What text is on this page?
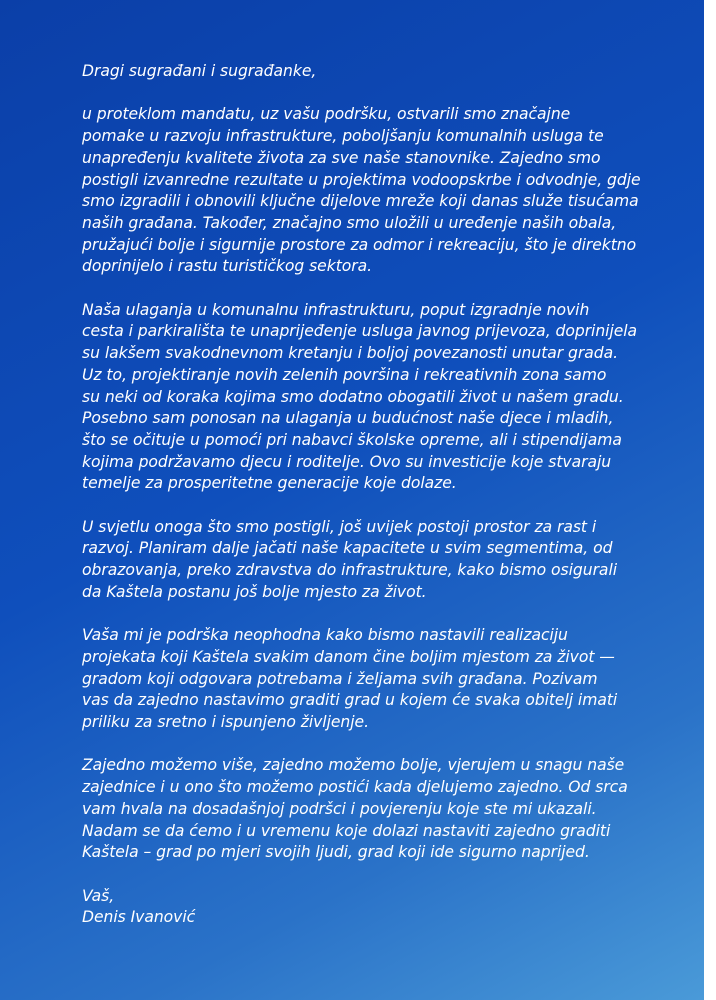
Dragi sugrađani i sugrađanke,

u proteklom mandatu, uz vašu podršku, ostvarili smo značajne
pomake u razvoju infrastrukture, poboljšanju komunalnih usluga te
unapređenju kvalitete života za sve naše stanovnike. Zajedno smo
postigli izvanredne rezultate u projektima vodoopskrbe i odvodnje, gdje
smo izgradili i obnovili ključne dijelove mreže koji danas služe tisućama
naših građana. Također, značajno smo uložili u uređenje naših obala,
pružajući bolje i sigurnije prostore za odmor i rekreaciju, što je direktno
doprinijelo i rastu turističkog sektora.

Naša ulaganja u komunalnu infrastrukturu, poput izgradnje novih
cesta i parkirališta te unaprijeđenje usluga javnog prijevoza, doprinijela
su lakšem svakodnevnom kretanju i boljoj povezanosti unutar grada.
Uz to, projektiranje novih zelenih površina i rekreativnih zona samo
su neki od koraka kojima smo dodatno obogatili život u našem gradu.
Posebno sam ponosan na ulaganja u budućnost naše djece i mladih,
što se očituje u pomoći pri nabavci školske opreme, ali i stipendijama
kojima podržavamo djecu i roditelje. Ovo su investicije koje stvaraju
temelje za prosperitetne generacije koje dolaze.

U svjetlu onoga što smo postigli, još uvijek postoji prostor za rast i
razvoj. Planiram dalje jačati naše kapacitete u svim segmentima, od
obrazovanja, preko zdravstva do infrastrukture, kako bismo osigurali
da Kaštela postanu još bolje mjesto za život.

Vaša mi je podrška neophodna kako bismo nastavili realizaciju
projekata koji Kaštela svakim danom čine boljim mjestom za život —
gradom koji odgovara potrebama i željama svih građana. Pozivam
vas da zajedno nastavimo graditi grad u kojem će svaka obitelj imati
priliku za sretno i ispunjeno življenje.

Zajedno možemo više, zajedno možemo bolje, vjerujem u snagu naše
zajednice i u ono što možemo postići kada djelujemo zajedno. Od srca
vam hvala na dosadašnjoj podršci i povjerenju koje ste mi ukazali.
Nadam se da ćemo i u vremenu koje dolazi nastaviti zajedno graditi
Kaštela – grad po mjeri svojih ljudi, grad koji ide sigurno naprijed.

Vaš,
Denis Ivanović
